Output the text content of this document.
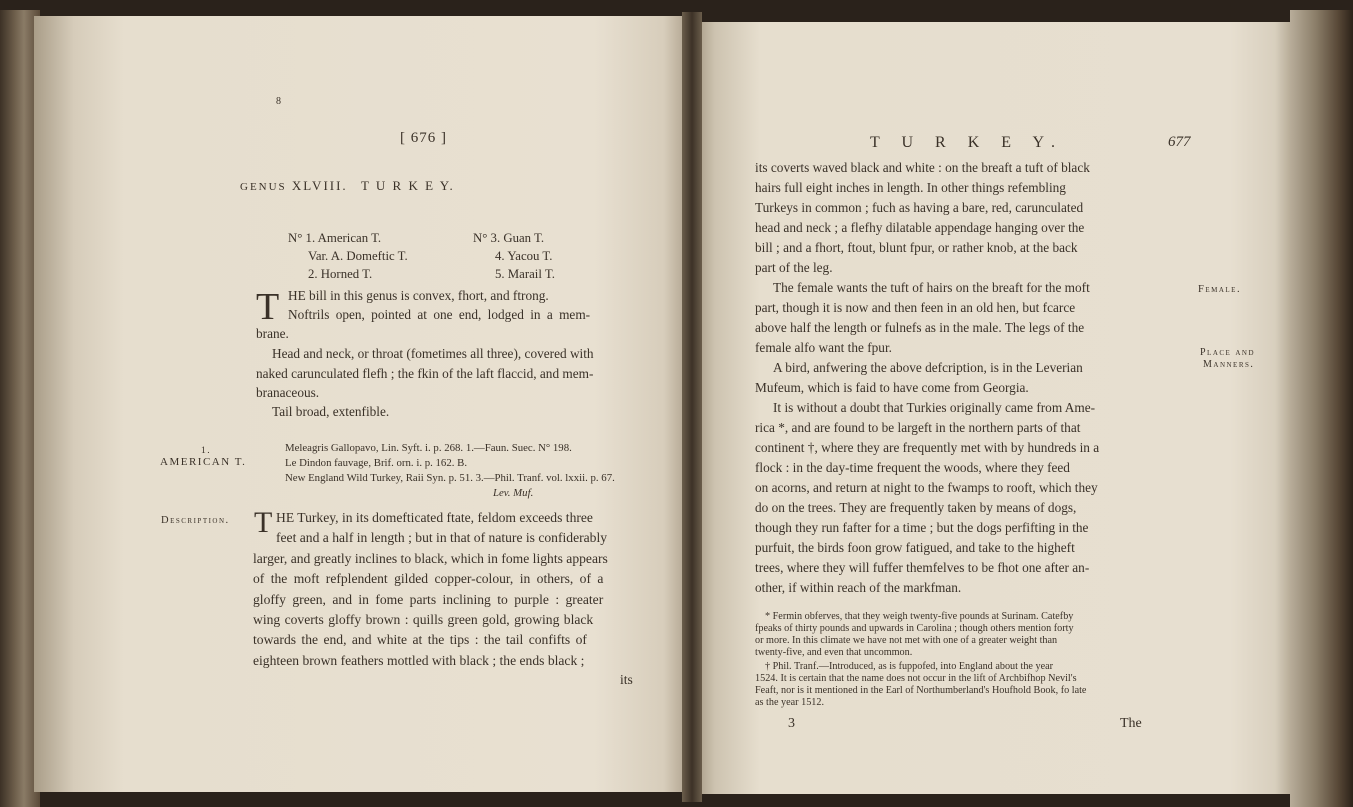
8
[ 676 ]
GENUS XLVIII. T U R K E Y.
N° 1. American T.
Var. A. Domeftic T.
2. Horned T.
N° 3. Guan T.
4. Yacou T.
5. Marail T.
T HE bill in this genus is convex, fhort, and ftrong.
Noftrils open, pointed at one end, lodged in a mem-
brane.
Head and neck, or throat (fometimes all three), covered with
naked carunculated flefh ; the fkin of the laft flaccid, and mem-
branaceous.
Tail broad, extenfible.
1.
AMERICAN T.
Meleagris Gallopavo, Lin. Syft. i. p. 268. 1.—Faun. Suec. N° 198.
Le Dindon fauvage, Brif. orn. i. p. 162. B.
New England Wild Turkey, Raii Syn. p. 51. 3.—Phil. Tranf. vol. lxxii. p. 67.
Lev. Muf.
Description. T HE Turkey, in its domefticated ftate, feldom exceeds three
feet and a half in length ; but in that of nature is confiderably
larger, and greatly inclines to black, which in fome lights appears
of the moft refplendent gilded copper-colour, in others, of a
gloffy green, and in fome parts inclining to purple : greater
wing coverts gloffy brown : quills green gold, growing black
towards the end, and white at the tips : the tail confifts of
eighteen brown feathers mottled with black ; the ends black ;
its
T U R K E Y.	677
its coverts waved black and white : on the breaft a tuft of black
hairs full eight inches in length. In other things refembling
Turkeys in common ; fuch as having a bare, red, carunculated
head and neck ; a flefhy dilatable appendage hanging over the
bill ; and a fhort, ftout, blunt fpur, or rather knob, at the back
part of the leg.
The female wants the tuft of hairs on the breaft for the moft
part, though it is now and then feen in an old hen, but fcarce
above half the length or fulnefs as in the male. The legs of the
female alfo want the fpur.
A bird, anfwering the above defcription, is in the Leverian
Mufeum, which is faid to have come from Georgia.
It is without a doubt that Turkies originally came from Ame-
rica *, and are found to be largeft in the northern parts of that
continent †, where they are frequently met with by hundreds in a
flock : in the day-time frequent the woods, where they feed
on acorns, and return at night to the fwamps to rooft, which they
do on the trees. They are frequently taken by means of dogs,
though they run fafter for a time ; but the dogs perfifting in the
purfuit, the birds foon grow fatigued, and take to the higheft
trees, where they will fuffer themfelves to be fhot one after an-
other, if within reach of the markfman.
Female.
Place and
Manners.
* Fermin obferves, that they weigh twenty-five pounds at Surinam. Catefby
fpeaks of thirty pounds and upwards in Carolina ; though others mention forty
or more. In this climate we have not met with one of a greater weight than
twenty-five, and even that uncommon.
† Phil. Tranf.—Introduced, as is fuppofed, into England about the year
1524. It is certain that the name does not occur in the lift of Archbifhop Nevil's
Feaft, nor is it mentioned in the Earl of Northumberland's Houfhold Book, fo late
as the year 1512.
3	The
